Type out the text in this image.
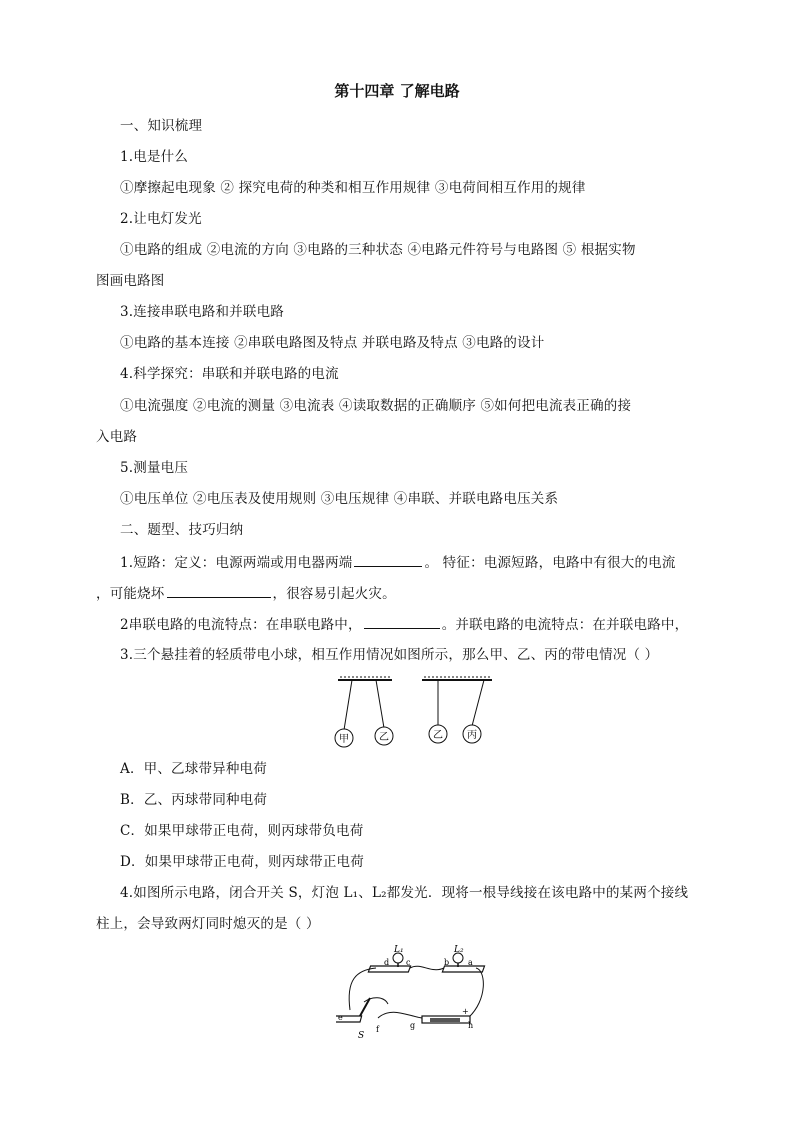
第十四章 了解电路
一、知识梳理
1.电是什么
①摩擦起电现象 ② 探究电荷的种类和相互作用规律 ③电荷间相互作用的规律
2.让电灯发光
①电路的组成 ②电流的方向 ③电路的三种状态 ④电路元件符号与电路图 ⑤ 根据实物
图画电路图
3.连接串联电路和并联电路
①电路的基本连接 ②串联电路图及特点 并联电路及特点 ③电路的设计
4.科学探究：串联和并联电路的电流
①电流强度 ②电流的测量 ③电流表 ④读取数据的正确顺序 ⑤如何把电流表正确的接
入电路
5.测量电压
①电压单位 ②电压表及使用规则 ③电压规律 ④串联、并联电路电压关系
二、题型、技巧归纳
1.短路：定义：电源两端或用电器两端	。 特征：电源短路，电路中有很大的电流
，可能烧坏	，很容易引起火灾。
2串联电路的电流特点：在串联电路中，	。并联电路的电流特点：在并联电路中，
3.三个悬挂着的轻质带电小球，相互作用情况如图所示，那么甲、乙、丙的带电情况（ ）
甲	乙	乙 丙
A．甲、乙球带异种电荷
B．乙、丙球带同种电荷
C．如果甲球带正电荷，则丙球带负电荷
D．如果甲球带正电荷，则丙球带正电荷
4.如图所示电路，闭合开关 S，灯泡 L₁、L₂都发光．现将一根导线接在该电路中的某两个接线
柱上，会导致两灯同时熄灭的是（ ）
L₁	L₂
d c	b a
e
f	g	h
+
S
